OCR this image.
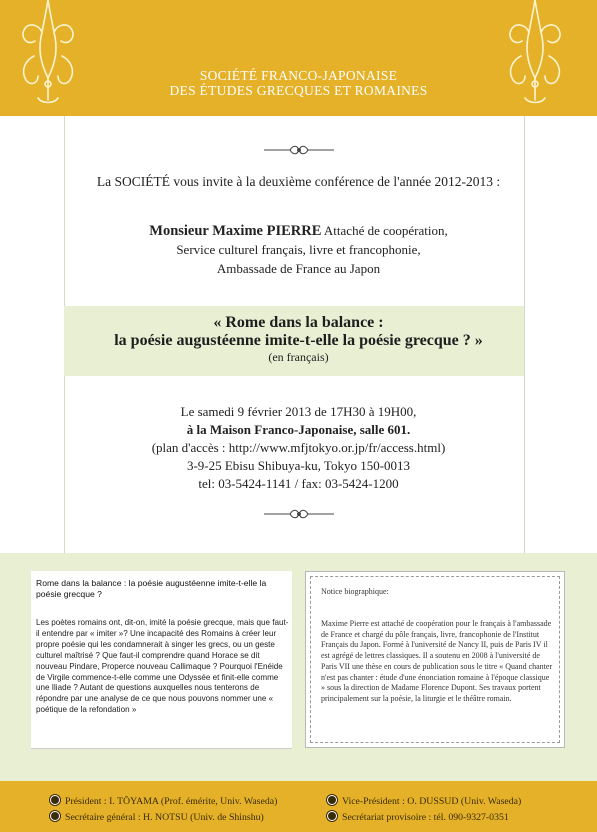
SOCIÉTÉ FRANCO-JAPONAISE
DES ÉTUDES GRECQUES ET ROMAINES
La SOCIÉTÉ vous invite à la deuxième conférence de l'année 2012-2013 :
Monsieur Maxime PIERRE Attaché de coopération,
Service culturel français, livre et francophonie,
Ambassade de France au Japon
« Rome dans la balance :
la poésie augustéenne imite-t-elle la poésie grecque ? »
(en français)
Le samedi 9 février 2013 de 17H30 à 19H00,
à la Maison Franco-Japonaise, salle 601.
(plan d'accès : http://www.mfjtokyo.or.jp/fr/access.html)
3-9-25 Ebisu Shibuya-ku, Tokyo 150-0013
tel: 03-5424-1141 / fax: 03-5424-1200
Rome dans la balance : la poésie augustéenne imite-t-elle la poésie grecque ?
Les poètes romains ont, dit-on, imité la poésie grecque, mais que faut-il entendre par « imiter »? Une incapacité des Romains à créer leur propre poésie qui les condamnerait à singer les grecs, ou un geste culturel maîtrisé ? Que faut-il comprendre quand Horace se dit nouveau Pindare, Properce nouveau Callimaque ? Pourquoi l'Enéide de Virgile commence-t-elle comme une Odyssée et finit-elle comme une Iliade ? Autant de questions auxquelles nous tenterons de répondre par une analyse de ce que nous pouvons nommer une « poétique de la refondation »
Notice biographique:
Maxime Pierre est attaché de coopération pour le français à l'ambassade de France et chargé du pôle français, livre, francophonie de l'Institut Français du Japon. Formé à l'université de Nancy II, puis de Paris IV il est agrégé de lettres classiques. Il a soutenu en 2008 à l'université de Paris VII une thèse en cours de publication sous le titre « Quand chanter n'est pas chanter : étude d'une énonciation romaine à l'époque classique » sous la direction de Madame Florence Dupont. Ses travaux portent principalement sur la poésie, la liturgie et le théâtre romain.
Président : I. TŌYAMA (Prof. émérite, Univ. Waseda)	Vice-Président : O. DUSSUD (Univ. Waseda)
Secrétaire général : H. NOTSU (Univ. de Shinshu)	Secrétariat provisoire : tél. 090-9327-0351
